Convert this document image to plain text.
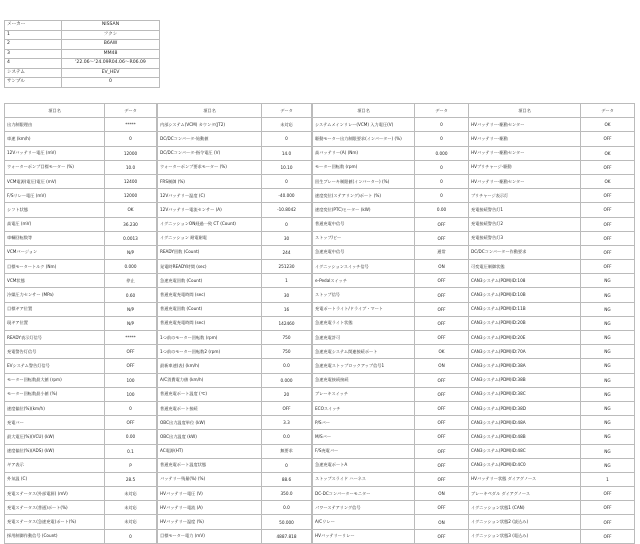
メーカー	NISSAN
1	フクシ
2	B6AW
3	MM48
4	'22.06〜'24.09R04.06〜R06.09
システム	EV_HEV
サンプル	0
項目名	データ
出力制限理由	*****
車速 (km/h)	0
12Vバッテリー電圧 (mV)	12000
ウォーターポンプ目標モーター (%)	10.0
VCM電源(電圧)電圧 (mV)	12400
F/Sリレー電圧 (mV)	12000
シフト状態	OK
高電圧 (mV)	36.230
車輌回転数等	0.0013
VCMバージョン	N/P
目標モータートルク (Nm)	0.000
VCM状態	停止
冷媒圧力センサー (MPa)	0.60
目標ギア位置	N/P
現ギア位置	N/P
READY表示灯信号	*****
充電警告灯信号	OFF
EVシステム警告灯信号	OFF
モーター回転数最大値 (rpm)	100
モーター回転数最小値 (%)	100
速度偏位(%)(km/h)	0
充電バー	OFF
最大電圧(%)(VCU) (kW)	0.00
速度偏位(%)(ADS) (kW)	0.1
ギア表示	P
外気温 (C)	28.5
充電ステータス(外部電源) (mV)	未対応
充電ステータス(普通)ポート(%)	未対応
充電ステータス(急速充電)ポート(%)	未対応
採用制御作動信号 (Count)	0
項目名	データ
内部システム(VCM) カウンタ(JT2)	未対応
DC/DCコンバータ-始動値	0
DC/DCコンバータ-指令電圧 (V)	14.0
ウォーターポンプ要求モーター (%)	10.10
FRS制御 (%)	0
12Vバッテリー温度 (C)	-40.000
12Vバッテリー電流センサー (A)	-10.8042
イグニッションON経過一致 CT (Count)	0
イグニッション 耐電耐電	30
READY回数 (Count)	244
発電時READY時間 (sec)	251230
急速充電回数 (Count)	1
普通充電充電時間 (sec)	30
普通充電回数 (Count)	16
普通充電充電時間 (sec)	142460
1つ前のモーター回転数 (rpm)	750
1つ前のモーター回転数2 (rpm)	750
最新車速(表) (km/h)	0.0
A/C消費電力値 (km/h)	0.000
普通充電ポート温度 (℃)	20
普通充電ポート接続	OFF
OBC出力温度単位 (kW)	3.3
OBC出力温度 (kW)	0.0
AC電源(HT)	無要求
普通充電ポート温度状態	0
バッテリー残量(%) (%)	88.6
HVバッテリー電圧 (V)	350.0
HVバッテリー電流 (A)	0.0
HVバッテリー温度 (%)	50.000
目標モーター電力 (mV)	4887.818
項目名	データ
システムメインリレー(VCM) 入力電圧(V)	0
駆動モーター出力制限要求(インバーター) (%)	0
高バッテリー(A) (Nm)	0.000
モーター回転数 (rpm)	0
回生ブレーキ制限値(インバーター) (%)	0
速度変位(ステアリング)ポート (%)	0
速度変位(PTC)ヒーター (kW)	0.00
普通充電中信号	OFF
ストップ/ピー	OFF
急速充電中信号	通常
イグニッションスイッチ信号	ON
e-Pedalスイッチ	OFF
ストップ信号	OFF
充電ポートライト/ドライブ・マート	OFF
急速充電ライト状態	OFF
急速充電許可	OFF
急速充電システム関連接続ポート	OK
急速充電ストップロックアップ信号1	ON
急速充電接続接続	OFF
ブレーキスイッチ	OFF
ECOスイッチ	OFF
P/Sバー	OFF
M/Sバー	OFF
F/S充電バー	OFF
急速充電ポートA	OFF
ストップスライド ハーネス	OFF
DC-DCコンバーターモニター	ON
パワーステアリング信号	OFF
A/Cリレー	ON
HVバッテリーリレー	OFF
項目名	データ
HVバッテリー-駆動センター	OK
HVバッテリー-駆動	OFF
HVバッテリー-駆動センター	OK
HVプリチャージ-駆動	OFF
HVバッテリー-駆動センター	OK
プリチャージ表示灯	OFF
充電接続警告灯1	OFF
充電接続警告灯2	OFF
充電接続警告灯3	OFF
DC/DCコンバーター作動要求	OFF
可変電圧制御状態	OFF
CAN3システム(PDM)ID:108	NG
CAN3システム(PDM)ID:10B	NG
CAN3システム(PDM)ID:11B	NG
CAN3システム(PDM)ID:20B	NG
CAN3システム(PDM)ID:20E	NG
CAN3システム(PDM)ID:70A	NG
CAN3システム(PDM)ID:38A	NG
CAN3システム(PDM)ID:38B	NG
CAN3システム(PDM)ID:38C	NG
CAN3システム(PDM)ID:38D	NG
CAN3システム(PDM)ID:48A	NG
CAN3システム(PDM)ID:48B	NG
CAN3システム(PDM)ID:48C	NG
CAN3システム(PDM)ID:4C0	NG
HVバッテリー状態 ダイアグノース	1
ブレーキペダル ダイアグノース	OFF
イグニッション状態1 (CAN)	OFF
イグニッション状態2 (読込み)	OFF
イグニッション状態3 (電込み)	OFF
